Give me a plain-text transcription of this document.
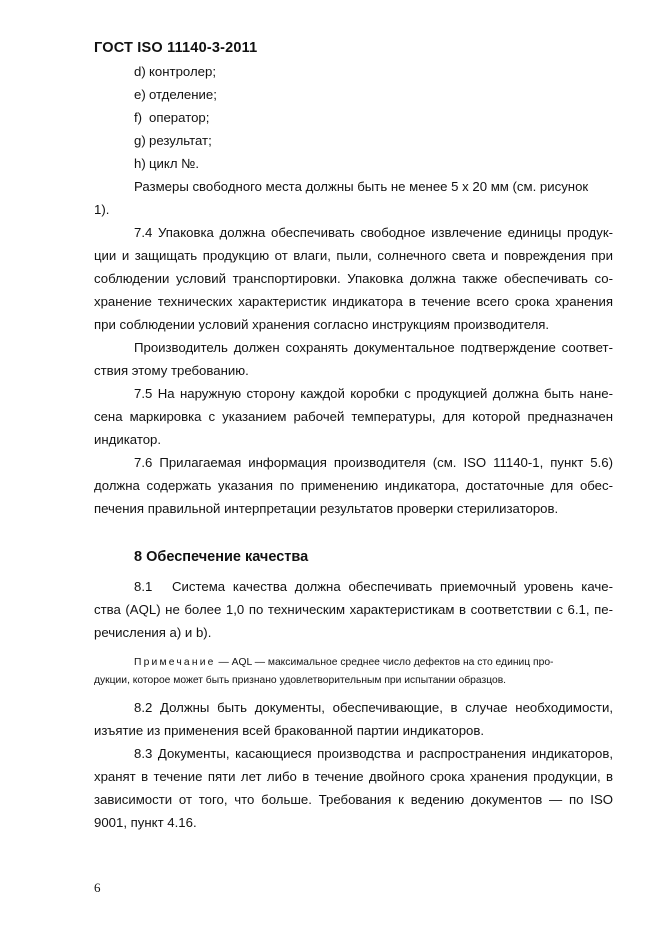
ГОСТ ISO 11140-3-2011
d) контролер;
e) отделение;
f) оператор;
g) результат;
h) цикл №.
Размеры свободного места должны быть не менее 5 х 20 мм (см. рисунок
1).
7.4 Упаковка должна обеспечивать свободное извлечение единицы продук-
ции и защищать продукцию от влаги, пыли, солнечного света и повреждения при
соблюдении условий транспортировки. Упаковка должна также обеспечивать со-
хранение технических характеристик индикатора в течение всего срока хранения
при соблюдении условий хранения согласно инструкциям производителя.
Производитель должен сохранять документальное подтверждение соответ-
ствия этому требованию.
7.5 На наружную сторону каждой коробки с продукцией должна быть нане-
сена маркировка с указанием рабочей температуры, для которой предназначен
индикатор.
7.6 Прилагаемая информация производителя (см. ISO 11140-1, пункт 5.6)
должна содержать указания по применению индикатора, достаточные для обес-
печения правильной интерпретации результатов проверки стерилизаторов.
8 Обеспечение качества
8.1 Система качества должна обеспечивать приемочный уровень каче-
ства (AQL) не более 1,0 по техническим характеристикам в соответствии с 6.1, пе-
речисления а) и b).
Примечание — AQL — максимальное среднее число дефектов на сто единиц про-
дукции, которое может быть признано удовлетворительным при испытании образцов.
8.2 Должны быть документы, обеспечивающие, в случае необходимости,
изъятие из применения всей бракованной партии индикаторов.
8.3 Документы, касающиеся производства и распространения индикаторов,
хранят в течение пяти лет либо в течение двойного срока хранения продукции, в
зависимости от того, что больше. Требования к ведению документов — по ISO
9001, пункт 4.16.
6
